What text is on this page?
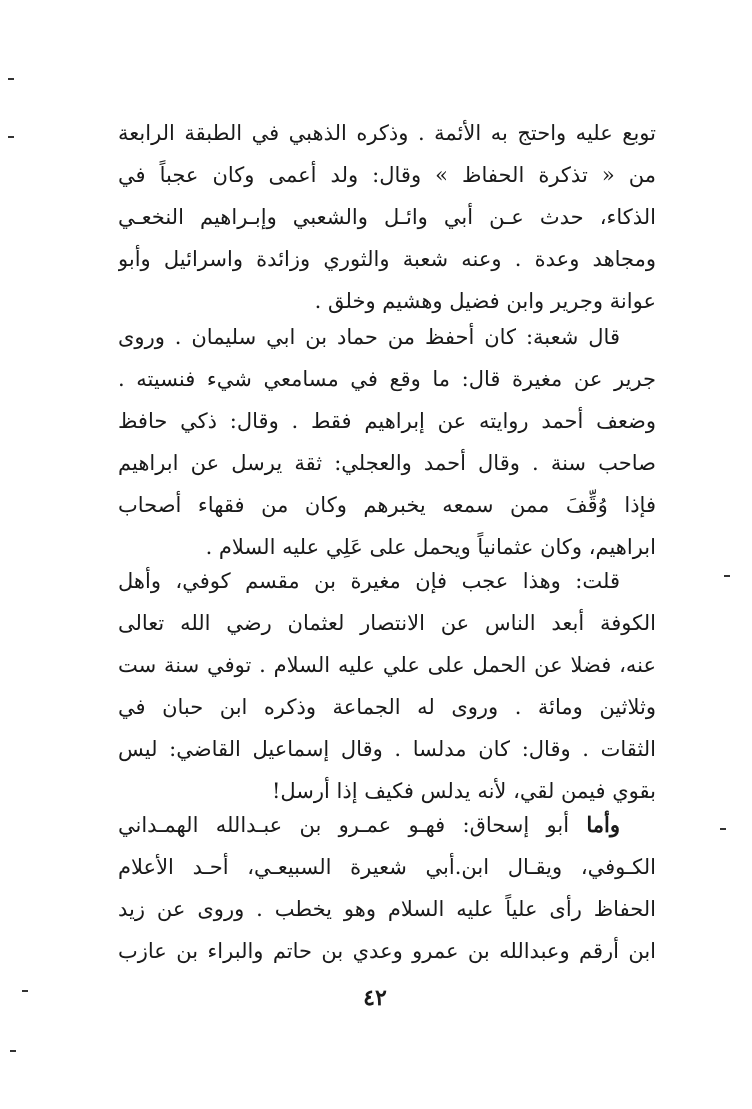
توبع عليه واحتج به الأئمة . وذكره الذهبي في الطبقة الرابعة
من « تذكرة الحفاظ » وقال: ولد أعمى وكان عجباً في
الذكاء، حدث عـن أبي وائـل والشعبي وإبـراهيم النخعـي
ومجاهد وعدة . وعنه شعبة والثوري وزائدة واسرائيل وأبو
عوانة وجرير وابن فضيل وهشيم وخلق .
قال شعبة: كان أحفظ من حماد بن ابي سليمان . وروى
جرير عن مغيرة قال: ما وقع في مسامعي شيء فنسيته .
وضعف أحمد روايته عن إبراهيم فقط . وقال: ذكي حافظ
صاحب سنة . وقال أحمد والعجلي: ثقة يرسل عن ابراهيم
فإذا وُقِّفَ ممن سمعه يخبرهم وكان من فقهاء أصحاب
ابراهيم، وكان عثمانياً ويحمل على عَلِي عليه السلام .
قلت: وهذا عجب فإن مغيرة بن مقسم كوفي، وأهل
الكوفة أبعد الناس عن الانتصار لعثمان رضي الله تعالى
عنه، فضلا عن الحمل على علي عليه السلام . توفي سنة ست
وثلاثين ومائة . وروى له الجماعة وذكره ابن حبان في
الثقات . وقال: كان مدلسا . وقال إسماعيل القاضي: ليس
بقوي فيمن لقي، لأنه يدلس فكيف إذا أرسل!
وأما أبو إسحاق: فهـو عمـرو بن عبـدالله الهمـداني
الكـوفي، ويقـال ابن.أبي شعيرة السبيعـي، أحـد الأعلام
الحفاظ رأى علياً عليه السلام وهو يخطب . وروى عن زيد
ابن أرقم وعبدالله بن عمرو وعدي بن حاتم والبراء بن عازب
٤٢
